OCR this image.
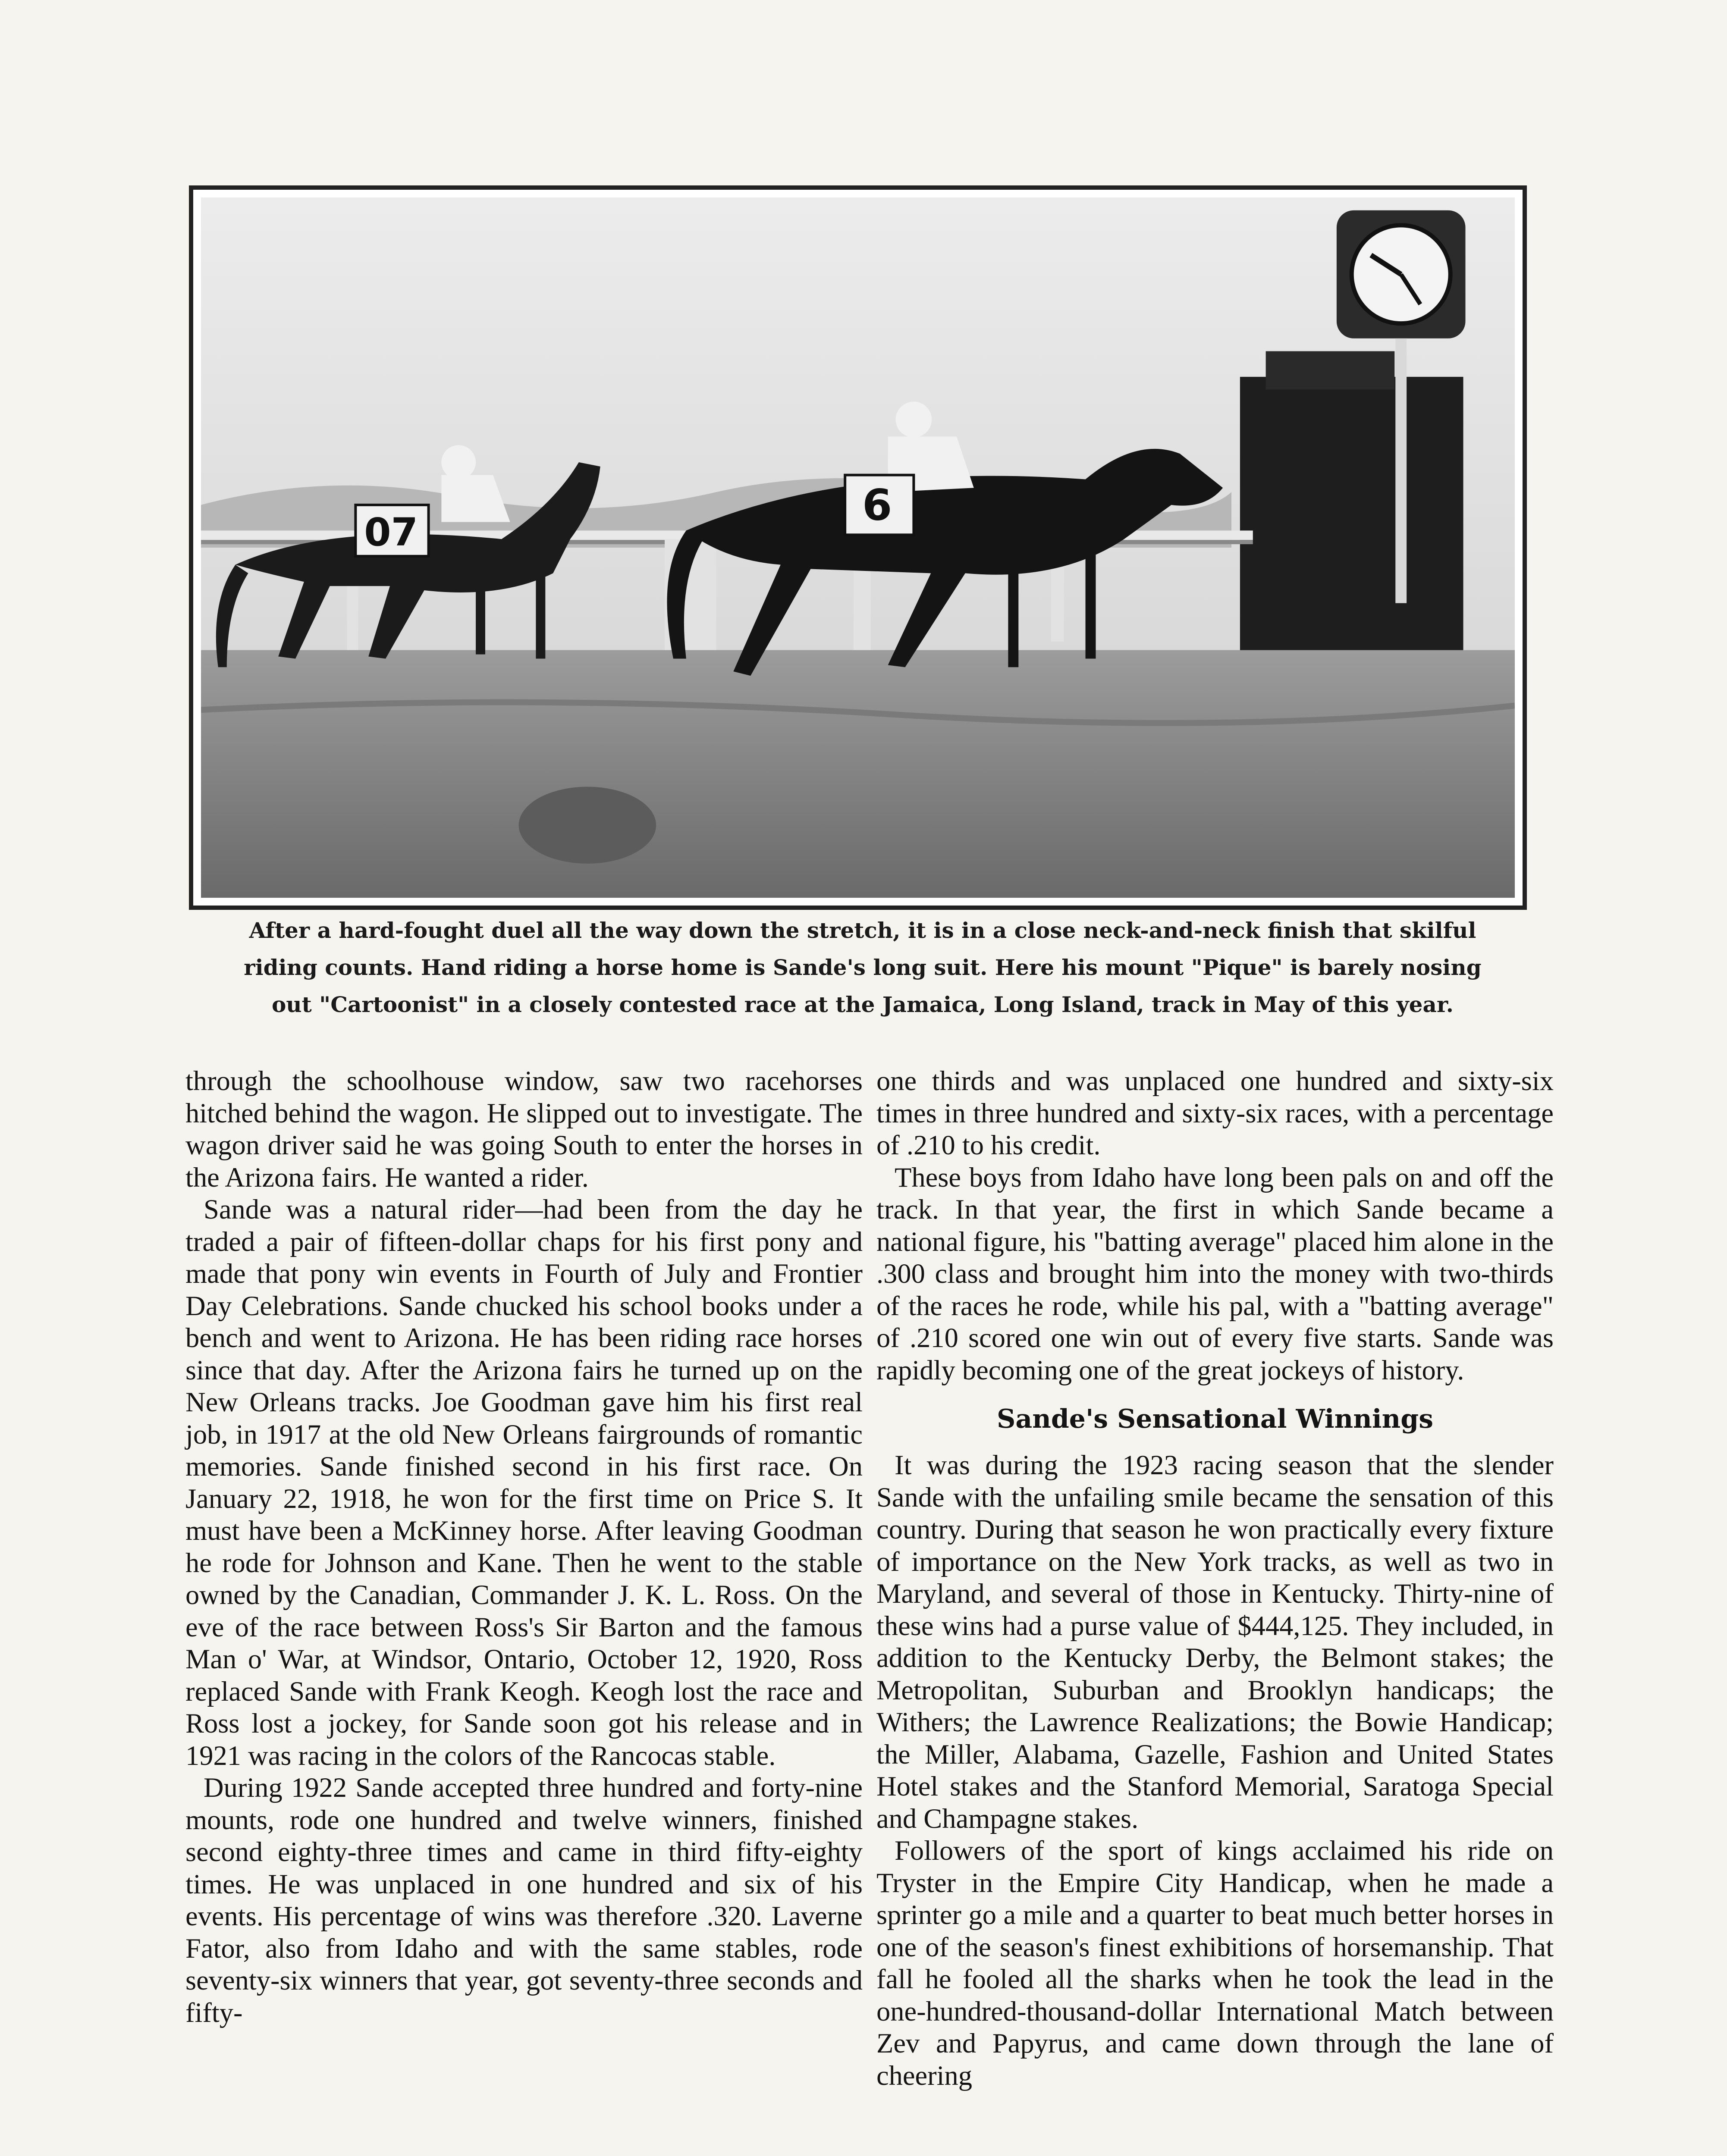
07
6

After a hard-fought duel all the way down the stretch, it is in a close neck-and-neck finish that skilful

riding counts. Hand riding a horse home is Sande's long suit. Here his mount "Pique" is barely nosing

out "Cartoonist" in a closely contested race at the Jamaica, Long Island, track in May of this year.

through the schoolhouse window, saw two racehorses hitched behind the wagon. He slipped out to investigate. The wagon driver said he was going South to enter the horses in the Arizona fairs. He wanted a rider.

Sande was a natural rider—had been from the day he traded a pair of fifteen-dollar chaps for his first pony and made that pony win events in Fourth of July and Frontier Day Celebrations. Sande chucked his school books under a bench and went to Arizona. He has been riding race horses since that day. After the Arizona fairs he turned up on the New Orleans tracks. Joe Goodman gave him his first real job, in 1917 at the old New Orleans fairgrounds of romantic memories. Sande finished second in his first race. On January 22, 1918, he won for the first time on Price S. It must have been a McKinney horse. After leaving Goodman he rode for Johnson and Kane. Then he went to the stable owned by the Canadian, Commander J. K. L. Ross. On the eve of the race between Ross's Sir Barton and the famous Man o' War, at Windsor, Ontario, October 12, 1920, Ross replaced Sande with Frank Keogh. Keogh lost the race and Ross lost a jockey, for Sande soon got his release and in 1921 was racing in the colors of the Rancocas stable.

During 1922 Sande accepted three hundred and forty-nine mounts, rode one hundred and twelve winners, finished second eighty-three times and came in third fifty-eighty times. He was unplaced in one hundred and six of his events. His percentage of wins was therefore .320. Laverne Fator, also from Idaho and with the same stables, rode seventy-six winners that year, got seventy-three seconds and fifty-

one thirds and was unplaced one hundred and sixty-six times in three hundred and sixty-six races, with a percentage of .210 to his credit.

These boys from Idaho have long been pals on and off the track. In that year, the first in which Sande became a national figure, his "batting average" placed him alone in the .300 class and brought him into the money with two-thirds of the races he rode, while his pal, with a "batting average" of .210 scored one win out of every five starts. Sande was rapidly becoming one of the great jockeys of history.

Sande's Sensational Winnings

It was during the 1923 racing season that the slender Sande with the unfailing smile became the sensation of this country. During that season he won practically every fixture of importance on the New York tracks, as well as two in Maryland, and several of those in Kentucky. Thirty-nine of these wins had a purse value of $444,125. They included, in addition to the Kentucky Derby, the Belmont stakes; the Metropolitan, Suburban and Brooklyn handicaps; the Withers; the Lawrence Realizations; the Bowie Handicap; the Miller, Alabama, Gazelle, Fashion and United States Hotel stakes and the Stanford Memorial, Saratoga Special and Champagne stakes.

Followers of the sport of kings acclaimed his ride on Tryster in the Empire City Handicap, when he made a sprinter go a mile and a quarter to beat much better horses in one of the season's finest exhibitions of horsemanship. That fall he fooled all the sharks when he took the lead in the one-hundred-thousand-dollar International Match between Zev and Papyrus, and came down through the lane of cheering
